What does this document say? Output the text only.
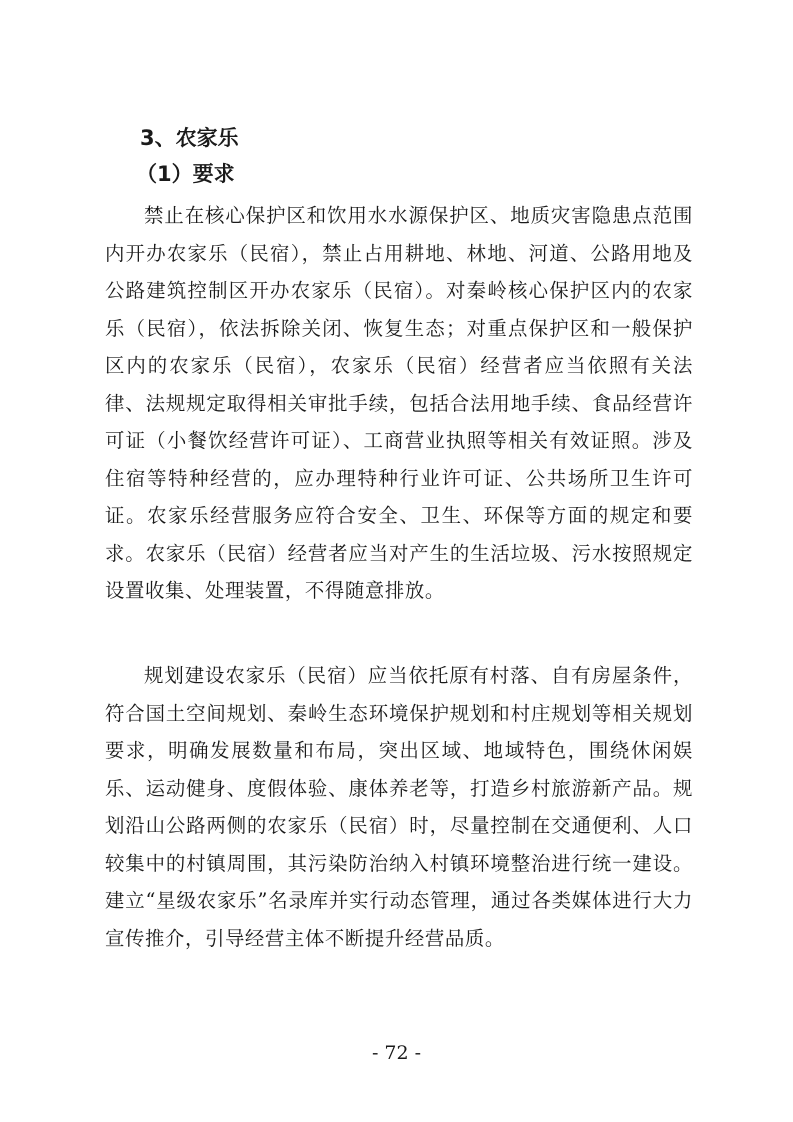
3、农家乐
（1）要求

禁止在核心保护区和饮用水水源保护区、地质灾害隐患点范围内开办农家乐（民宿），禁止占用耕地、林地、河道、公路用地及公路建筑控制区开办农家乐（民宿）。对秦岭核心保护区内的农家乐（民宿），依法拆除关闭、恢复生态；对重点保护区和一般保护区内的农家乐（民宿），农家乐（民宿）经营者应当依照有关法律、法规规定取得相关审批手续，包括合法用地手续、食品经营许可证（小餐饮经营许可证）、工商营业执照等相关有效证照。涉及住宿等特种经营的，应办理特种行业许可证、公共场所卫生许可证。农家乐经营服务应符合安全、卫生、环保等方面的规定和要求。农家乐（民宿）经营者应当对产生的生活垃圾、污水按照规定设置收集、处理装置，不得随意排放。

规划建设农家乐（民宿）应当依托原有村落、自有房屋条件，符合国土空间规划、秦岭生态环境保护规划和村庄规划等相关规划要求，明确发展数量和布局，突出区域、地域特色，围绕休闲娱乐、运动健身、度假体验、康体养老等，打造乡村旅游新产品。规划沿山公路两侧的农家乐（民宿）时，尽量控制在交通便利、人口较集中的村镇周围，其污染防治纳入村镇环境整治进行统一建设。建立“星级农家乐”名录库并实行动态管理，通过各类媒体进行大力宣传推介，引导经营主体不断提升经营品质。

- 72 -
